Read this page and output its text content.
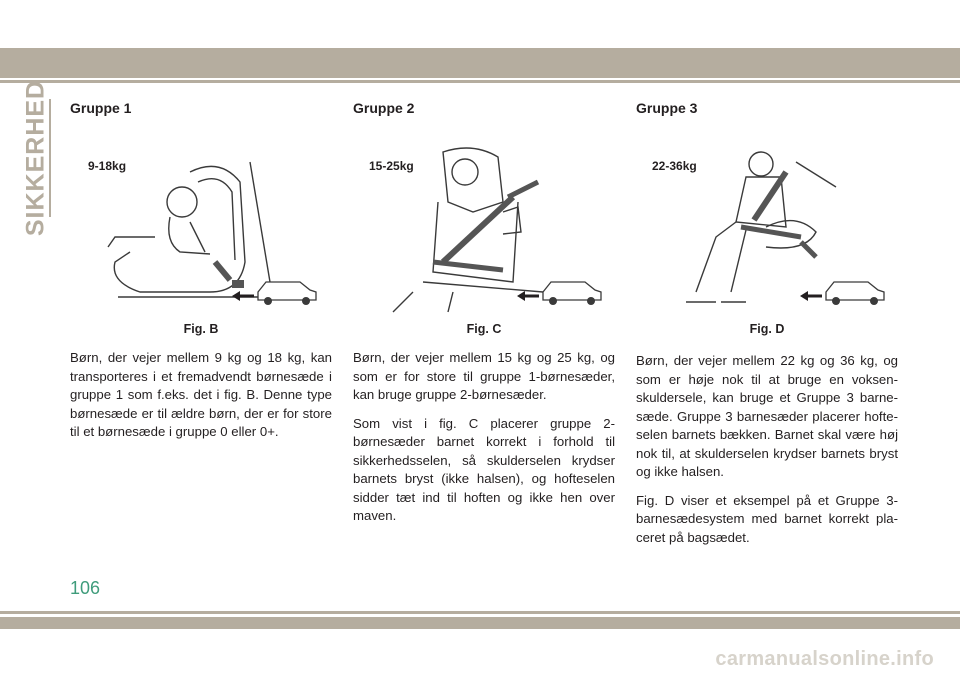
SIKKERHED Gruppe 1
9-18kg
Fig. B

Børn, der vejer mellem 9 kg og 18 kg, kan transporteres i et fremadvendt børnesæde i gruppe 1 som f.eks. det i fig. B. Denne type børnesæde er til ældre børn, der er for store til et børnesæde i gruppe 0 eller 0+.

Gruppe 2
15-25kg
Fig. C

Børn, der vejer mellem 15 kg og 25 kg, og som er for store til gruppe 1-børnesæder, kan bruge gruppe 2-børnesæder.

Som vist i fig. C placerer gruppe 2-børnesæder barnet korrekt i forhold til sikkerhedsselen, så skulderselen krydser barnets bryst (ikke halsen), og hofteselen sidder tæt ind til hoften og ikke hen over maven.

Gruppe 3
22-36kg
Fig. D

Børn, der vejer mellem 22 kg og 36 kg, og som er høje nok til at bruge en voksen-skuldersele, kan bruge et Gruppe 3 barne-sæde. Gruppe 3 barnesæder placerer hofte-selen barnets bækken. Barnet skal være høj nok til, at skulderselen krydser barnets bryst og ikke halsen.

Fig. D viser et eksempel på et Gruppe 3-barnesædesystem med barnet korrekt pla-ceret på bagsædet.

106
carmanualsonline.info
